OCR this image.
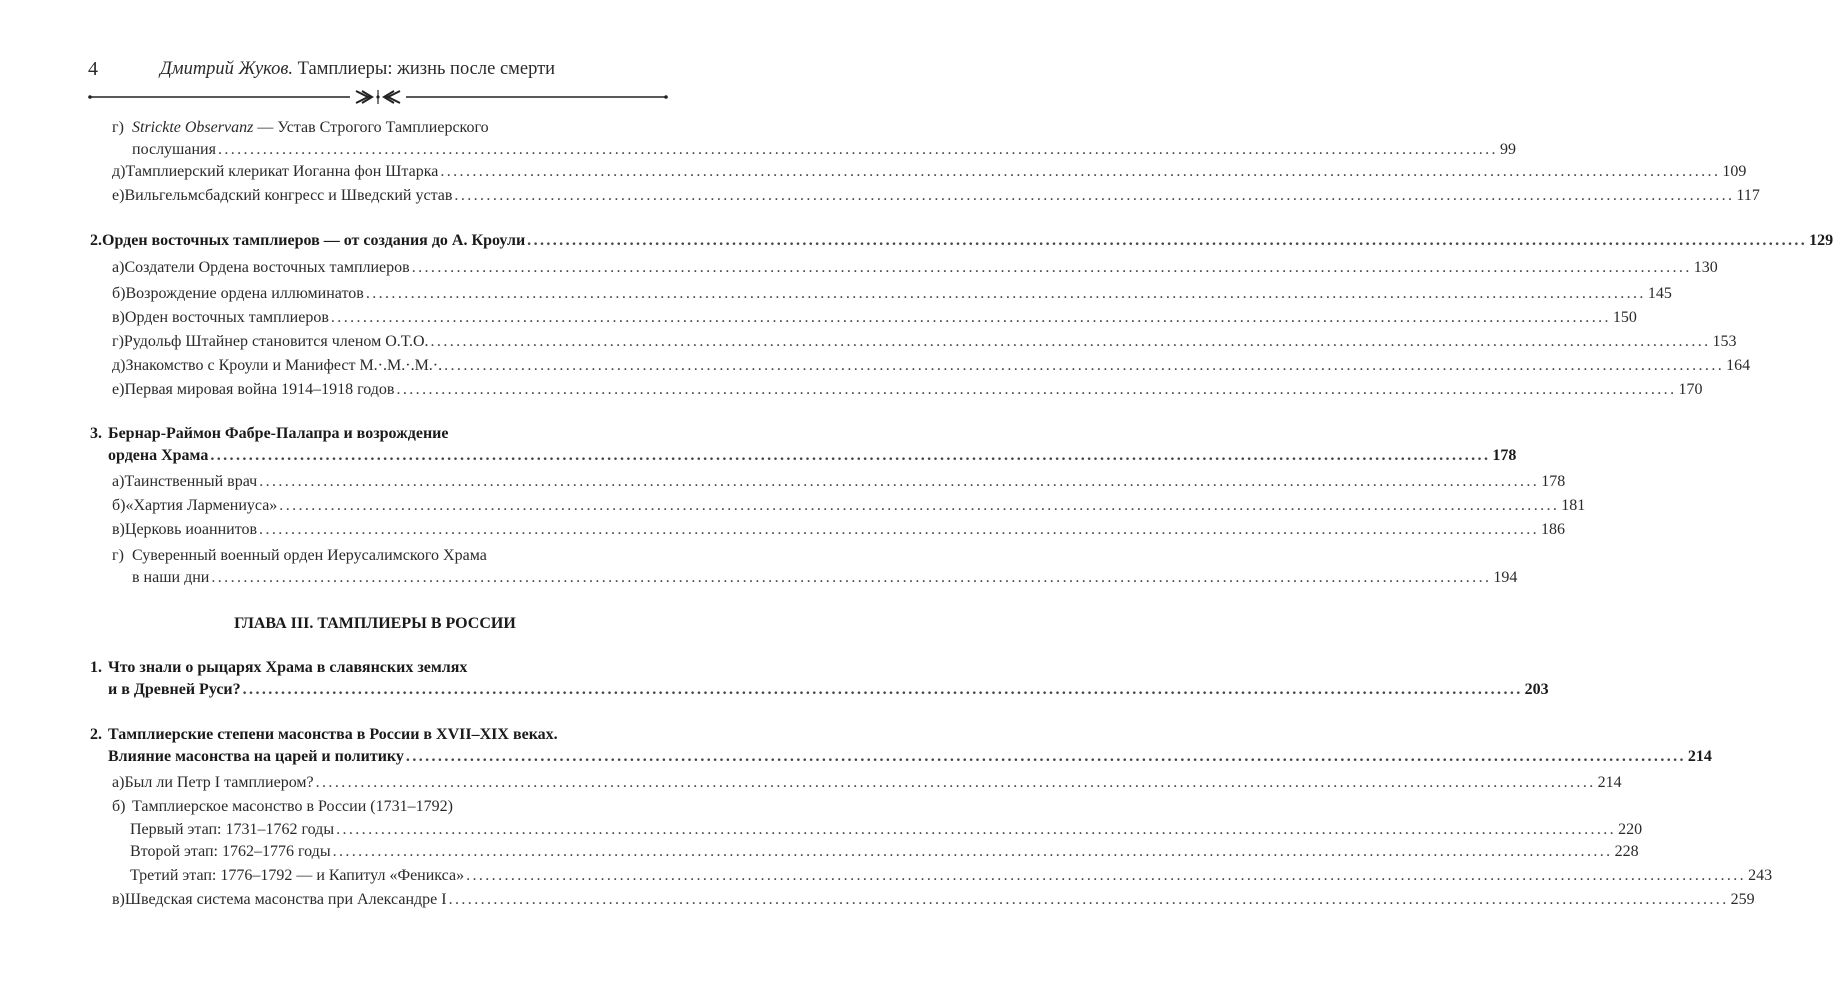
4	Дмитрий Жуков. Тамплиеры: жизнь после смерти
г) Strickte Observanz — Устав Строгого Тамплиерского
послушания ........................................................................................................................................................................................................ 99
д) Тамплиерский клерикат Иоганна фон Штарка ........................................................................................................................................................................................................ 109
е) Вильгельмсбадский конгресс и Шведский устав ........................................................................................................................................................................................................ 117
2. Орден восточных тамплиеров — от создания до А. Кроули ........................................................................................................................................................................................................ 129
а) Создатели Ордена восточных тамплиеров ........................................................................................................................................................................................................ 130
б) Возрождение ордена иллюминатов ........................................................................................................................................................................................................ 145
в) Орден восточных тамплиеров ........................................................................................................................................................................................................ 150
г) Рудольф Штайнер становится членом О.Т.О. ........................................................................................................................................................................................................ 153
д) Знакомство с Кроули и Манифест М.·.М.·.М.·. ........................................................................................................................................................................................................ 164
е) Первая мировая война 1914–1918 годов ........................................................................................................................................................................................................ 170
3. Бернар-Раймон Фабре-Палапра и возрождение
ордена Храма ........................................................................................................................................................................................................ 178
а) Таинственный врач ........................................................................................................................................................................................................ 178
б) «Хартия Лармениуса» ........................................................................................................................................................................................................ 181
в) Церковь иоаннитов ........................................................................................................................................................................................................ 186
г) Суверенный военный орден Иерусалимского Храма
в наши дни ........................................................................................................................................................................................................ 194
1. Что знали о рыцарях Храма в славянских землях
и в Древней Руси? ........................................................................................................................................................................................................ 203
2. Тамплиерские степени масонства в России в XVII–XIX веках.
Влияние масонства на царей и политику ........................................................................................................................................................................................................ 214
а) Был ли Петр I тамплиером? ........................................................................................................................................................................................................ 214
б) Тамплиерское масонство в России (1731–1792)
Первый этап: 1731–1762 годы ........................................................................................................................................................................................................ 220
Второй этап: 1762–1776 годы ........................................................................................................................................................................................................ 228
Третий этап: 1776–1792 — и Капитул «Феникса» ........................................................................................................................................................................................................ 243
в) Шведская система масонства при Александре I ........................................................................................................................................................................................................ 259
ГЛАВА III. ТАМПЛИЕРЫ В РОССИИ
